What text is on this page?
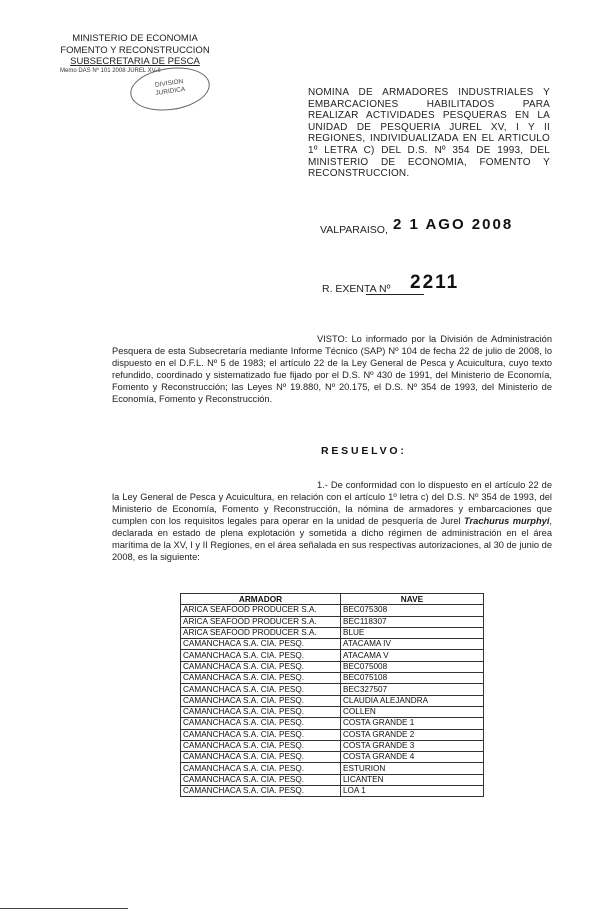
MINISTERIO DE ECONOMIA
FOMENTO Y RECONSTRUCCION
SUBSECRETARIA DE PESCA
Memo DAS Nº 101 2008 JUREL XV-II
DIVISION
JURIDICA	NOMINA DE ARMADORES INDUSTRIALES Y EMBARCACIONES HABILITADOS PARA REALIZAR ACTIVIDADES PESQUERAS EN LA UNIDAD DE PESQUERIA JUREL XV, I Y II REGIONES, INDIVIDUALIZADA EN EL ARTICULO 1º LETRA C) DEL D.S. Nº 354 DE 1993, DEL MINISTERIO DE ECONOMIA, FOMENTO Y RECONSTRUCCION.
VALPARAISO, 2 1 AGO 2008
R. EXENTA Nº 2211
VISTO: Lo informado por la División de Administración Pesquera de esta Subsecretaría mediante Informe Técnico (SAP) Nº 104 de fecha 22 de julio de 2008, lo dispuesto en el D.F.L. Nº 5 de 1983; el artículo 22 de la Ley General de Pesca y Acuicultura, cuyo texto refundido, coordinado y sistematizado fue fijado por el D.S. Nº 430 de 1991, del Ministerio de Economía, Fomento y Reconstrucción; las Leyes Nº 19.880, Nº 20.175, el D.S. Nº 354 de 1993, del Ministerio de Economía, Fomento y Reconstrucción.
RESUELVO:
1.- De conformidad con lo dispuesto en el artículo 22 de la Ley General de Pesca y Acuicultura, en relación con el artículo 1º letra c) del D.S. Nº 354 de 1993, del Ministerio de Economía, Fomento y Reconstrucción, la nómina de armadores y embarcaciones que cumplen con los requisitos legales para operar en la unidad de pesquería de Jurel Trachurus murphyi, declarada en estado de plena explotación y sometida a dicho régimen de administración en el área marítima de la XV, I y II Regiones, en el área señalada en sus respectivas autorizaciones, al 30 de junio de 2008, es la siguiente:
ARMADOR	NAVE
ARICA SEAFOOD PRODUCER S.A.	BEC075308
ARICA SEAFOOD PRODUCER S.A.	BEC118307
ARICA SEAFOOD PRODUCER S.A.	BLUE
CAMANCHACA S.A. CIA. PESQ.	ATACAMA IV
CAMANCHACA S.A. CIA. PESQ.	ATACAMA V
CAMANCHACA S.A. CIA. PESQ.	BEC075008
CAMANCHACA S.A. CIA. PESQ.	BEC075108
CAMANCHACA S.A. CIA. PESQ.	BEC327507
CAMANCHACA S.A. CIA. PESQ.	CLAUDIA ALEJANDRA
CAMANCHACA S.A. CIA. PESQ.	COLLEN
CAMANCHACA S.A. CIA. PESQ.	COSTA GRANDE 1
CAMANCHACA S.A. CIA. PESQ.	COSTA GRANDE 2
CAMANCHACA S.A. CIA. PESQ.	COSTA GRANDE 3
CAMANCHACA S.A. CIA. PESQ.	COSTA GRANDE 4
CAMANCHACA S.A. CIA. PESQ.	ESTURION
CAMANCHACA S.A. CIA. PESQ.	LICANTEN
CAMANCHACA S.A. CIA. PESQ.	LOA 1
